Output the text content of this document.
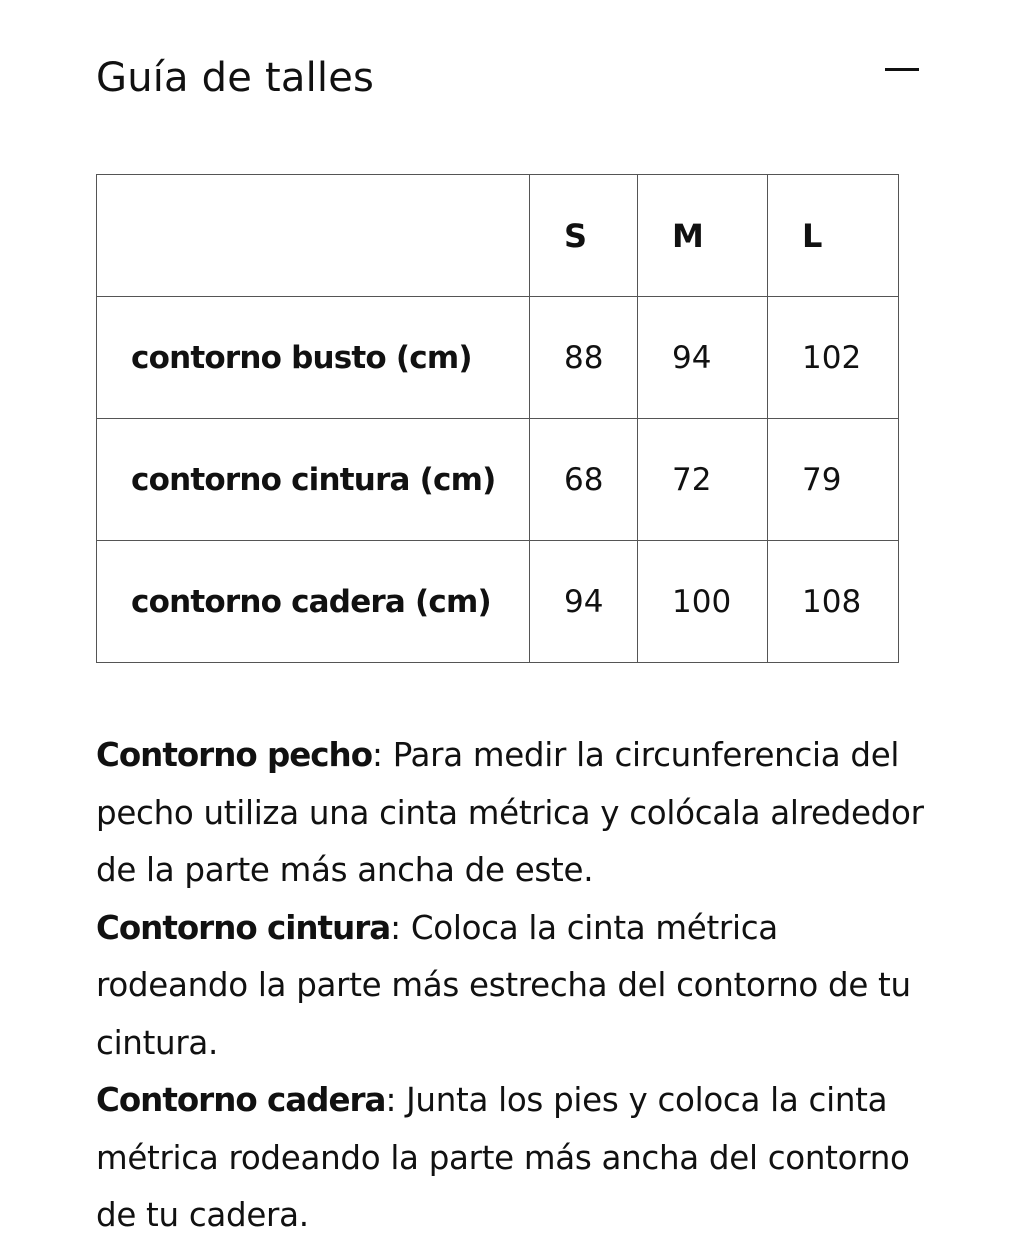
Guía de talles
	S	M	L
contorno busto (cm)	88	94	102
contorno cintura (cm)	68	72	79
contorno cadera (cm)	94	100	108

Contorno pecho: Para medir la circunferencia del pecho utiliza una cinta métrica y colócala alrededor de la parte más ancha de este.

Contorno cintura: Coloca la cinta métrica rodeando la parte más estrecha del contorno de tu cintura.

Contorno cadera: Junta los pies y coloca la cinta métrica rodeando la parte más ancha del contorno de tu cadera.
